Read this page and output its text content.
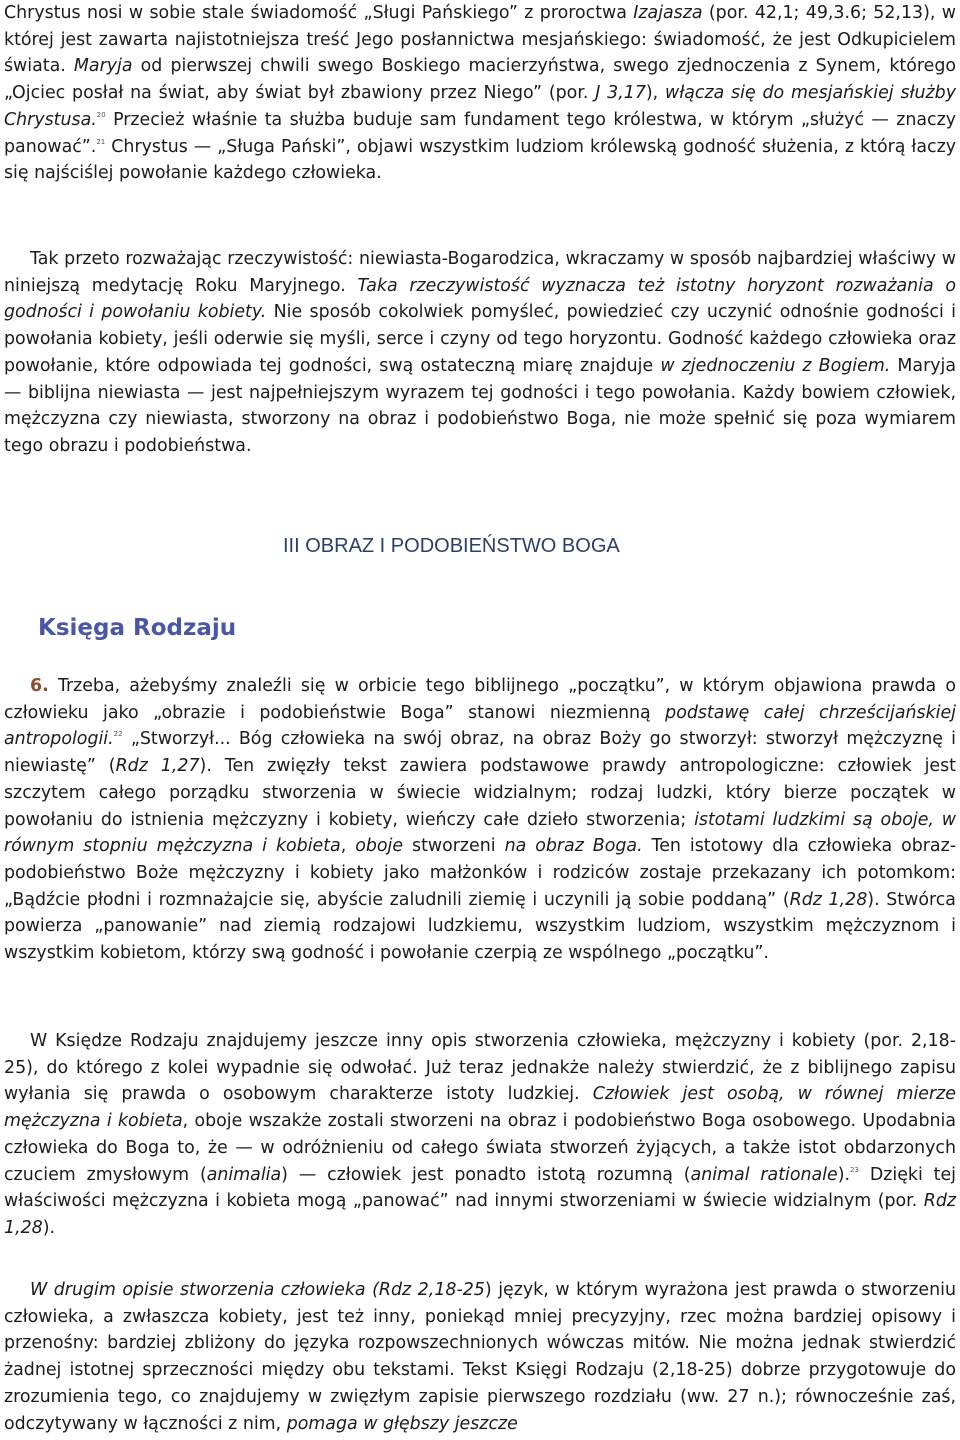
Chrystus nosi w sobie stale świadomość „Sługi Pańskiego” z proroctwa Izajasza (por. 42,1; 49,3.6; 52,13), w której jest zawarta najistotniejsza treść Jego posłannictwa mesjańskiego: świadomość, że jest Odkupicielem świata. Maryja od pierwszej chwili swego Boskiego macierzyństwa, swego zjednoczenia z Synem, którego „Ojciec posłał na świat, aby świat był zbawiony przez Niego” (por. J 3,17), włącza się do mesjańskiej służby Chrystusa.$^{20}$ Przecież właśnie ta służba buduje sam fundament tego królestwa, w którym „służyć — znaczy panować”.$^{21}$ Chrystus — „Sługa Pański”, objawi wszystkim ludziom królewską godność służenia, z którą łaczy się najściślej powołanie każdego człowieka.

Tak przeto rozważając rzeczywistość: niewiasta-Bogarodzica, wkraczamy w sposób najbardziej właściwy w niniejszą medytację Roku Maryjnego. Taka rzeczywistość wyznacza też istotny horyzont rozważania o godności i powołaniu kobiety. Nie sposób cokolwiek pomyśleć, powiedzieć czy uczynić odnośnie godności i powołania kobiety, jeśli oderwie się myśli, serce i czyny od tego horyzontu. Godność każdego człowieka oraz powołanie, które odpowiada tej godności, swą ostateczną miarę znajduje w zjednoczeniu z Bogiem. Maryja — biblijna niewiasta — jest najpełniejszym wyrazem tej godności i tego powołania. Każdy bowiem człowiek, mężczyzna czy niewiasta, stworzony na obraz i podobieństwo Boga, nie może spełnić się poza wymiarem tego obrazu i podobieństwa.

III OBRAZ I PODOBIEŃSTWO BOGA
Księga Rodzaju

6. Trzeba, ażebyśmy znaleźli się w orbicie tego biblijnego „początku”, w którym objawiona prawda o człowieku jako „obrazie i podobieństwie Boga” stanowi niezmienną podstawę całej chrześcijańskiej antropologii.$^{22}$ „Stworzył... Bóg człowieka na swój obraz, na obraz Boży go stworzył: stworzył mężczyznę i niewiastę” (Rdz 1,27). Ten zwięzły tekst zawiera podstawowe prawdy antropologiczne: człowiek jest szczytem całego porządku stworzenia w świecie widzialnym; rodzaj ludzki, który bierze początek w powołaniu do istnienia mężczyzny i kobiety, wieńczy całe dzieło stworzenia; istotami ludzkimi są oboje, w równym stopniu mężczyzna i kobieta, oboje stworzeni na obraz Boga. Ten istotowy dla człowieka obraz-podobieństwo Boże mężczyzny i kobiety jako małżonków i rodziców zostaje przekazany ich potomkom: „Bądźcie płodni i rozmnażajcie się, abyście zaludnili ziemię i uczynili ją sobie poddaną” (Rdz 1,28). Stwórca powierza „panowanie” nad ziemią rodzajowi ludzkiemu, wszystkim ludziom, wszystkim mężczyznom i wszystkim kobietom, którzy swą godność i powołanie czerpią ze wspólnego „początku”.

W Księdze Rodzaju znajdujemy jeszcze inny opis stworzenia człowieka, mężczyzny i kobiety (por. 2,18-25), do którego z kolei wypadnie się odwołać. Już teraz jednakże należy stwierdzić, że z biblijnego zapisu wyłania się prawda o osobowym charakterze istoty ludzkiej. Człowiek jest osobą, w równej mierze mężczyzna i kobieta, oboje wszakże zostali stworzeni na obraz i podobieństwo Boga osobowego. Upodabnia człowieka do Boga to, że — w odróżnieniu od całego świata stworzeń żyjących, a także istot obdarzonych czuciem zmysłowym (animalia) — człowiek jest ponadto istotą rozumną (animal rationale).$^{23}$ Dzięki tej właściwości mężczyzna i kobieta mogą „panować” nad innymi stworzeniami w świecie widzialnym (por. Rdz 1,28).

W drugim opisie stworzenia człowieka (Rdz 2,18-25) język, w którym wyrażona jest prawda o stworzeniu człowieka, a zwłaszcza kobiety, jest też inny, poniekąd mniej precyzyjny, rzec można bardziej opisowy i przenośny: bardziej zbliżony do języka rozpowszechnionych wówczas mitów. Nie można jednak stwierdzić żadnej istotnej sprzeczności między obu tekstami. Tekst Księgi Rodzaju (2,18-25) dobrze przygotowuje do zrozumienia tego, co znajdujemy w zwięzłym zapisie pierwszego rozdziału (ww. 27 n.); równocześnie zaś, odczytywany w łączności z nim, pomaga w głębszy jeszcze
